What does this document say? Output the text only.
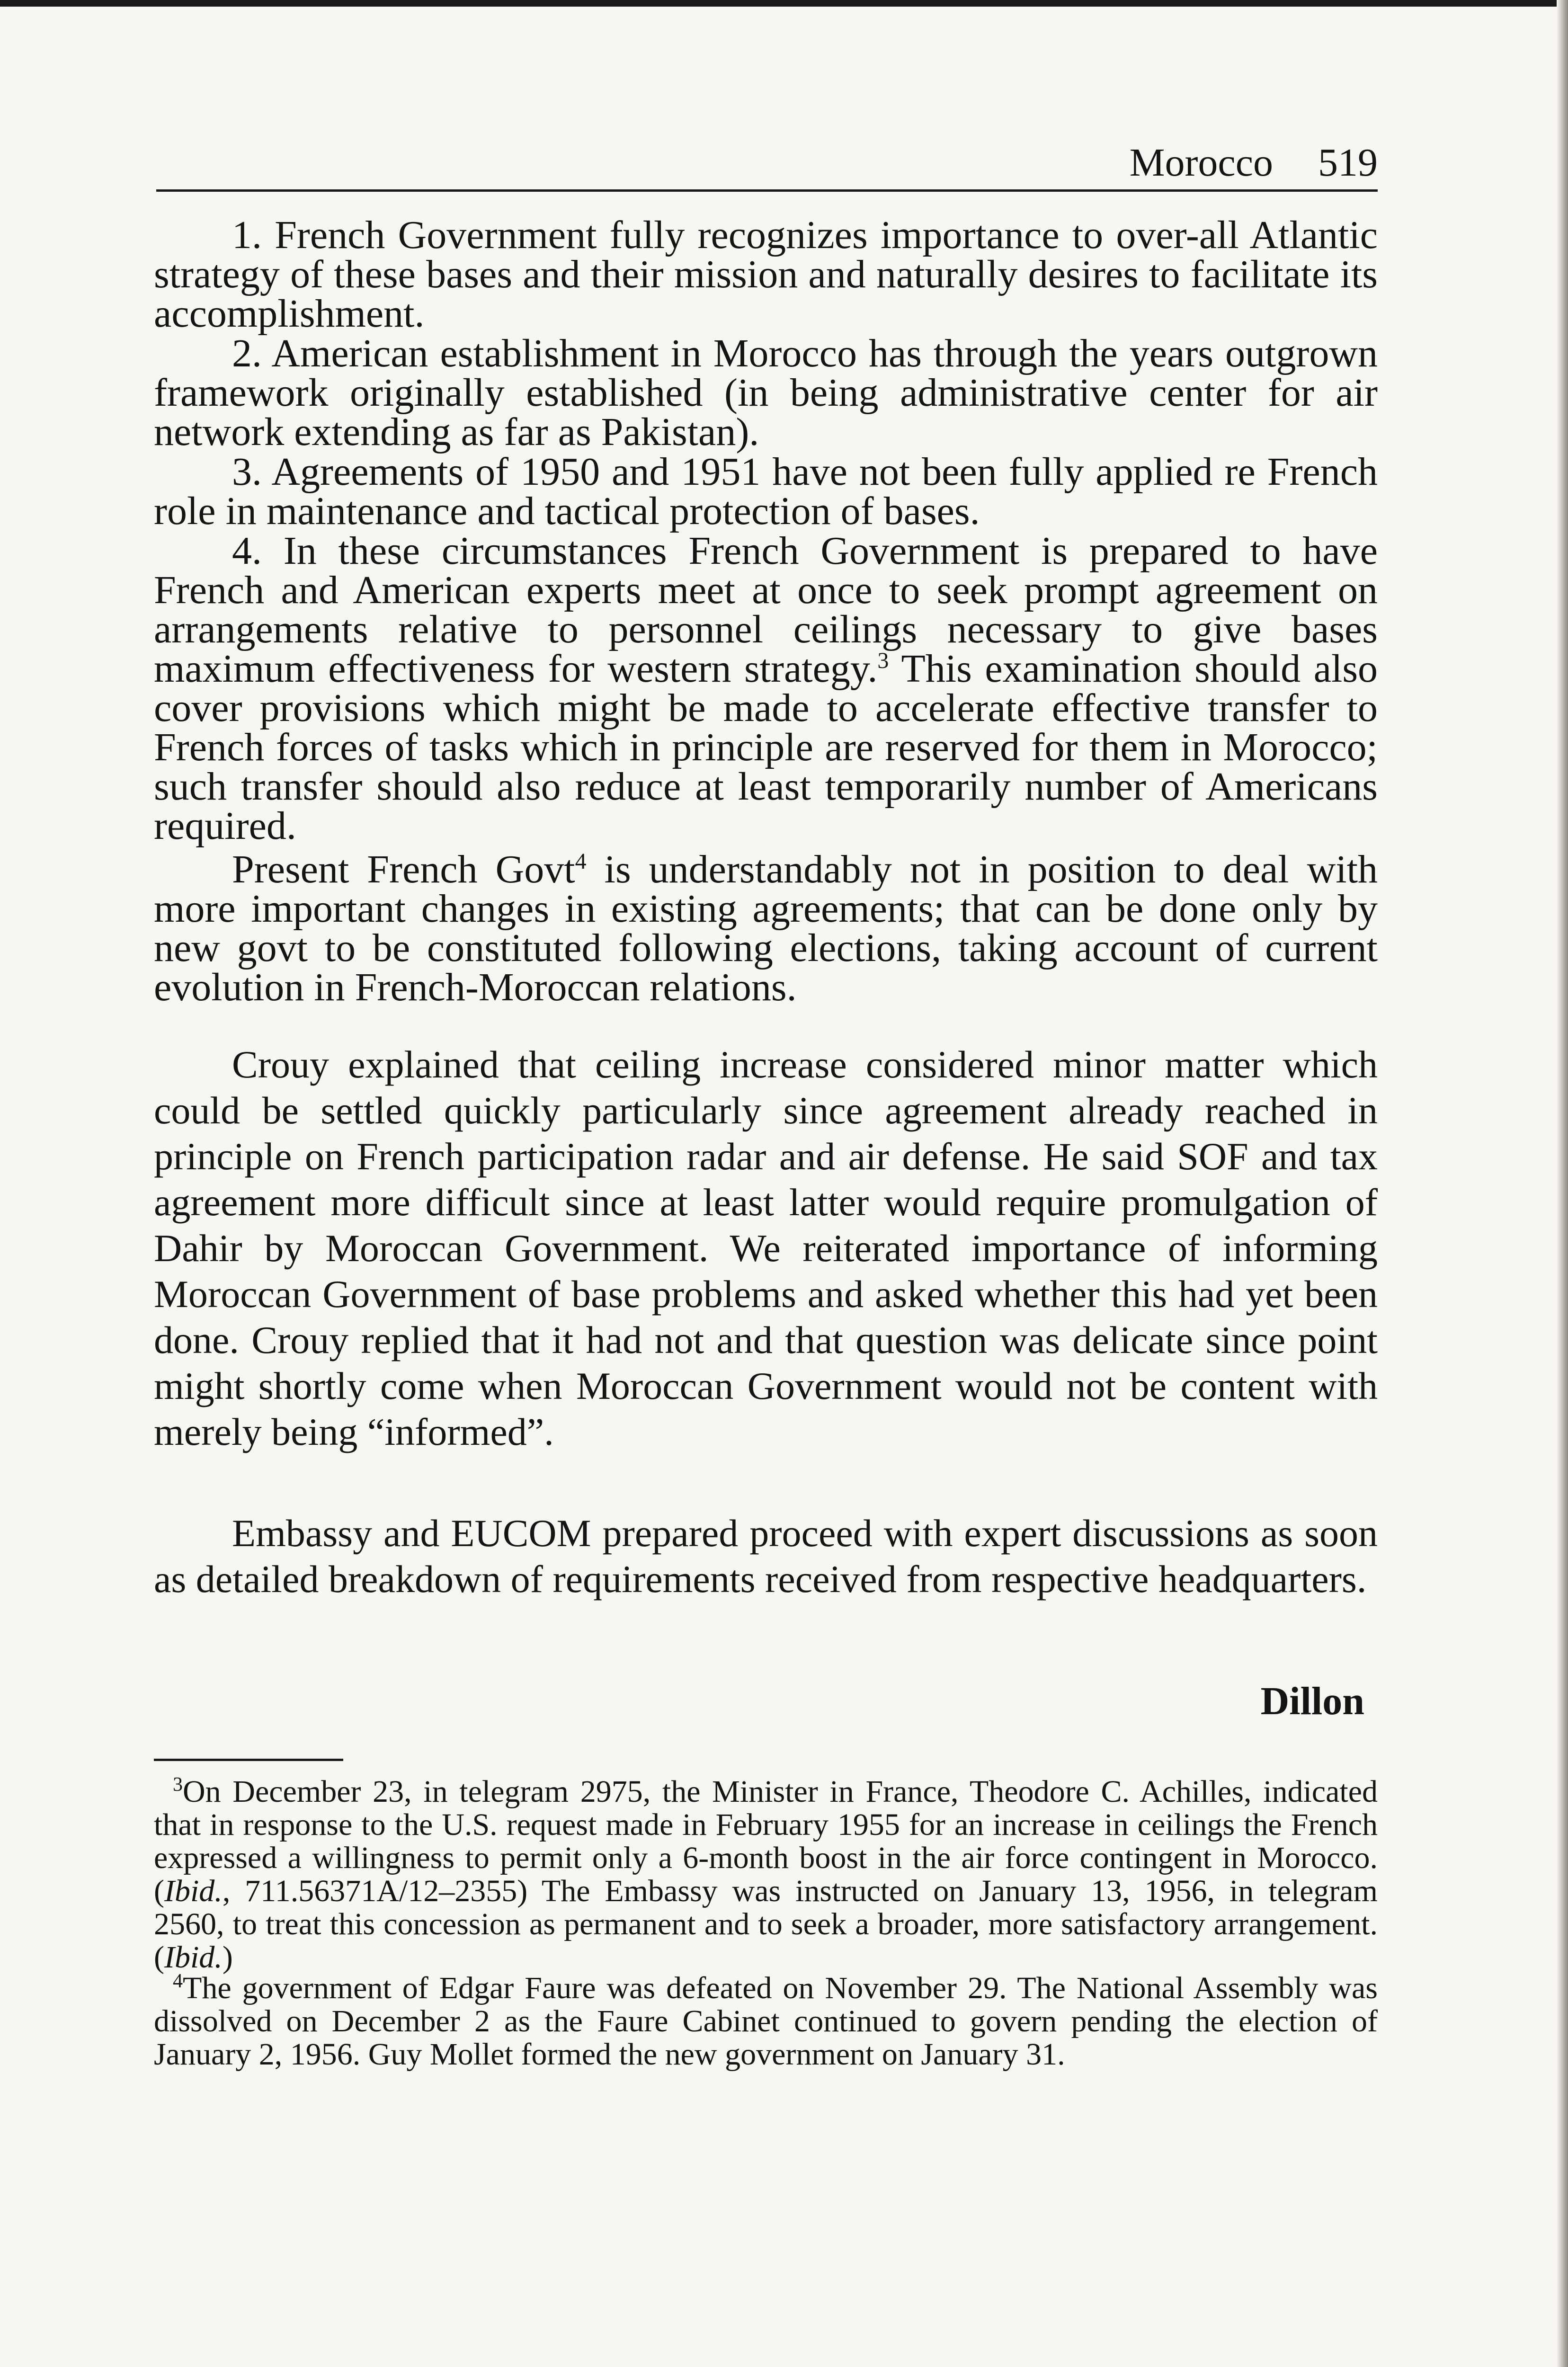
Morocco 519

1. French Government fully recognizes importance to over-all Atlantic strategy of these bases and their mission and naturally desires to facilitate its accomplishment.

2. American establishment in Morocco has through the years outgrown framework originally established (in being administrative center for air network extending as far as Pakistan).

3. Agreements of 1950 and 1951 have not been fully applied re French role in maintenance and tactical protection of bases.

4. In these circumstances French Government is prepared to have French and American experts meet at once to seek prompt agreement on arrangements relative to personnel ceilings necessary to give bases maximum effectiveness for western strategy.$^3$ This examination should also cover provisions which might be made to accelerate effective transfer to French forces of tasks which in principle are reserved for them in Morocco; such transfer should also reduce at least temporarily number of Americans required.

Present French Govt$^4$ is understandably not in position to deal with more important changes in existing agreements; that can be done only by new govt to be constituted following elections, taking account of current evolution in French-Moroccan relations.

Crouy explained that ceiling increase considered minor matter which could be settled quickly particularly since agreement already reached in principle on French participation radar and air defense. He said SOF and tax agreement more difficult since at least latter would require promulgation of Dahir by Moroccan Government. We reiterated importance of informing Moroccan Government of base problems and asked whether this had yet been done. Crouy replied that it had not and that question was delicate since point might shortly come when Moroccan Government would not be content with merely being “informed”.

Embassy and EUCOM prepared proceed with expert discussions as soon as detailed breakdown of requirements received from respective headquarters.

Dillon

$^3$On December 23, in telegram 2975, the Minister in France, Theodore C. Achilles, indicated that in response to the U.S. request made in February 1955 for an increase in ceilings the French expressed a willingness to permit only a 6-month boost in the air force contingent in Morocco. (Ibid., 711.56371A/12–2355) The Embassy was instructed on January 13, 1956, in telegram 2560, to treat this concession as permanent and to seek a broader, more satisfactory arrangement. (Ibid.)

$^4$The government of Edgar Faure was defeated on November 29. The National Assembly was dissolved on December 2 as the Faure Cabinet continued to govern pending the election of January 2, 1956. Guy Mollet formed the new government on January 31.
